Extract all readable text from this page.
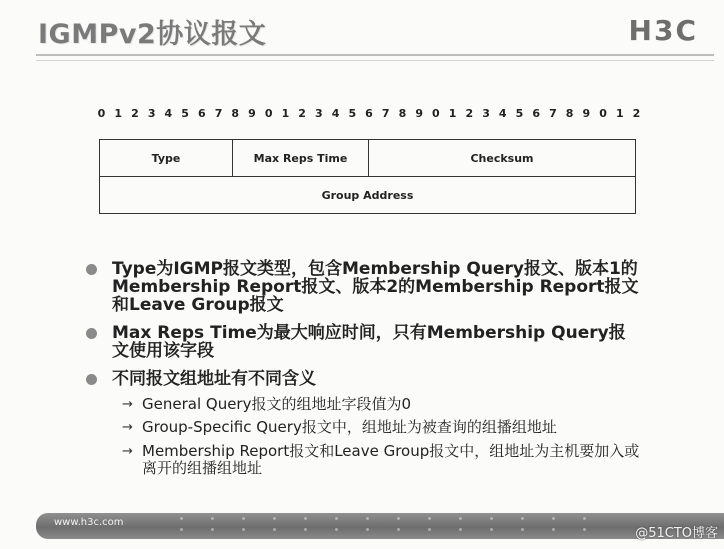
IGMPv2协议报文	H3C
0 1 2 3 4 5 6 7 8 9 0 1 2 3 4 5 6 7 8 9 0 1 2 3 4 5 6 7 8 9 0 1 2
Type	Max Reps Time	Checksum
Group Address
Type为IGMP报文类型，包含Membership Query报文、版本1的Membership Report报文、版本2的Membership Report报文和Leave Group报文
Max Reps Time为最大响应时间，只有Membership Query报文使用该字段
不同报文组地址有不同含义
→ General Query报文的组地址字段值为0
→ Group-Specific Query报文中，组地址为被查询的组播组地址
→ Membership Report报文和Leave Group报文中，组地址为主机要加入或离开的组播组地址
www.h3c.com
@51CTO博客
